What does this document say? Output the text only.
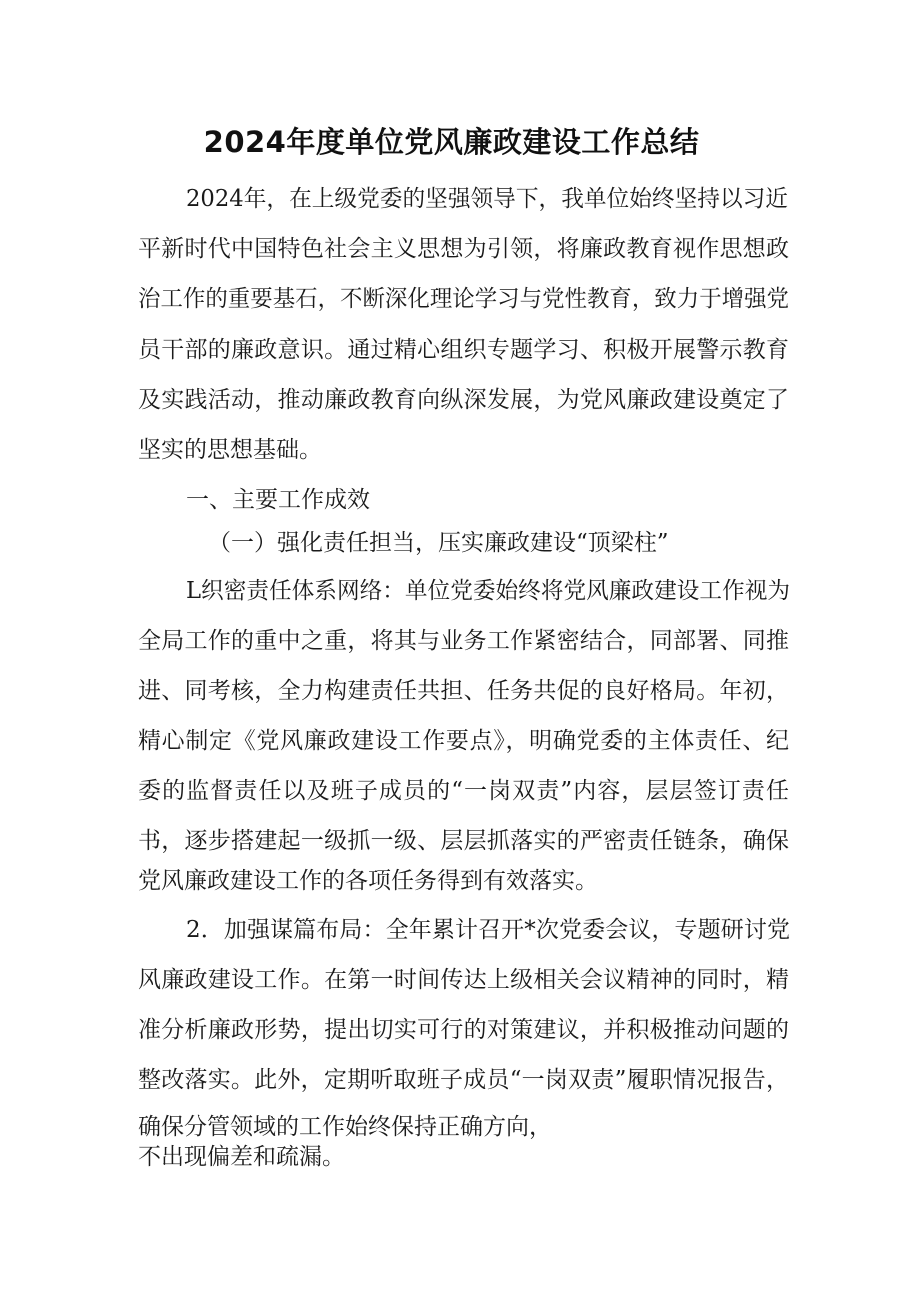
2024年度单位党风廉政建设工作总结
2024年，在上级党委的坚强领导下，我单位始终坚持以习近
平新时代中国特色社会主义思想为引领，将廉政教育视作思想政
治工作的重要基石，不断深化理论学习与党性教育，致力于增强党
员干部的廉政意识。通过精心组织专题学习、积极开展警示教育
及实践活动，推动廉政教育向纵深发展，为党风廉政建设奠定了
坚实的思想基础。
一、主要工作成效
（一）强化责任担当，压实廉政建设“顶梁柱”
L织密责任体系网络：单位党委始终将党风廉政建设工作视为
全局工作的重中之重，将其与业务工作紧密结合，同部署、同推
进、同考核，全力构建责任共担、任务共促的良好格局。年初，
精心制定《党风廉政建设工作要点》，明确党委的主体责任、纪
委的监督责任以及班子成员的“一岗双责”内容，层层签订责任
书，逐步搭建起一级抓一级、层层抓落实的严密责任链条，确保
党风廉政建设工作的各项任务得到有效落实。
2．加强谋篇布局：全年累计召开*次党委会议，专题研讨党
风廉政建设工作。在第一时间传达上级相关会议精神的同时，精
准分析廉政形势，提出切实可行的对策建议，并积极推动问题的
整改落实。此外，定期听取班子成员“一岗双责”履职情况报告，
确保分管领域的工作始终保持正确方向，
不出现偏差和疏漏。
